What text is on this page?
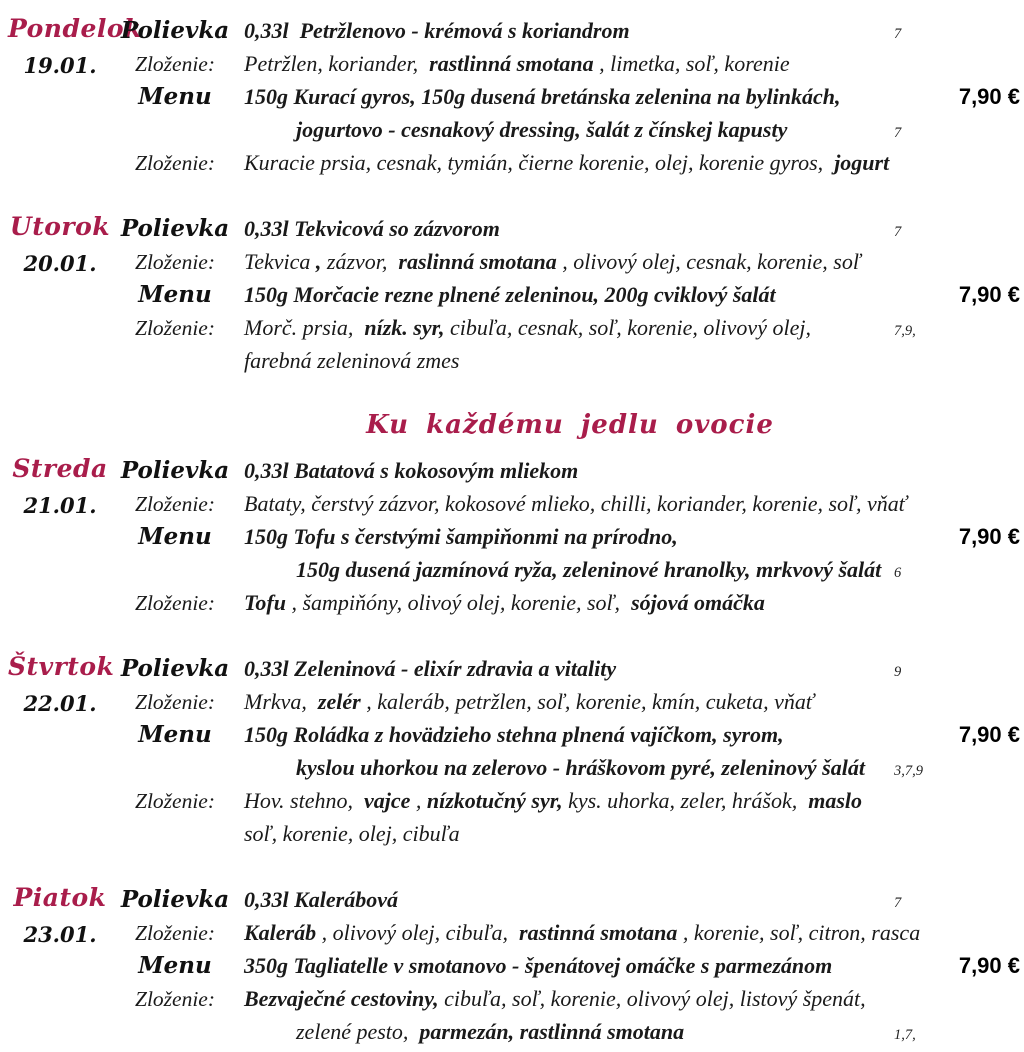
Pondelok
19.01.
Polievka 0,33l  Petržlenovo - krémová s koriandrom	7
Zloženie:	Petržlen, koriander,  rastlinná smotana , limetka, soľ, korenie
Menu	150g Kurací gyros, 150g dusená bretánska zelenina na bylinkách,	7,90 €
jogurtovo - cesnakový dressing, šalát z čínskej kapusty	7
Zloženie:	Kuracie prsia, cesnak, tymián, čierne korenie, olej, korenie gyros,  jogurt
Utorok
20.01.
Polievka 0,33l Tekvicová so zázvorom	7
Zloženie:	Tekvica , zázvor,  raslinná smotana , olivový olej, cesnak, korenie, soľ
Menu	150g Morčacie rezne plnené zeleninou, 200g cviklový šalát	7,90 €
Zloženie:	Morč. prsia,  nízk. syr, cibuľa, cesnak, soľ, korenie, olivový olej,	7,9,
farebná zeleninová zmes
Ku každému jedlu ovocie
Streda
21.01.
Polievka 0,33l Batatová s kokosovým mliekom
Zloženie:	Bataty, čerstvý zázvor, kokosové mlieko, chilli, koriander, korenie, soľ, vňať
Menu	150g Tofu s čerstvými šampiňonmi na prírodno,	7,90 €
150g dusená jazmínová ryža, zeleninové hranolky, mrkvový šalát 6
Zloženie:	Tofu , šampiňóny, olivoý olej, korenie, soľ,  sójová omáčka
Štvrtok
22.01.
Polievka 0,33l Zeleninová - elixír zdravia a vitality	9
Zloženie:	Mrkva,  zelér , kaleráb, petržlen, soľ, korenie, kmín, cuketa, vňať
Menu	150g Roládka z hovädzieho stehna plnená vajíčkom, syrom,	7,90 €
kyslou uhorkou na zelerovo - hráškovom pyré, zeleninový šalát	3,7,9
Zloženie:	Hov. stehno,  vajce , nízkotučný syr, kys. uhorka, zeler, hrášok,  maslo
soľ, korenie, olej, cibuľa
Piatok
23.01.
Polievka 0,33l Kalerábová	7
Zloženie:	Kaleráb , olivový olej, cibuľa,  rastinná smotana , korenie, soľ, citron, rasca
Menu	350g Tagliatelle v smotanovo - špenátovej omáčke s parmezánom	7,90 €
Zloženie:	Bezvaječné cestoviny, cibuľa, soľ, korenie, olivový olej, listový špenát,
zelené pesto,  parmezán, rastlinná smotana	1,7,
